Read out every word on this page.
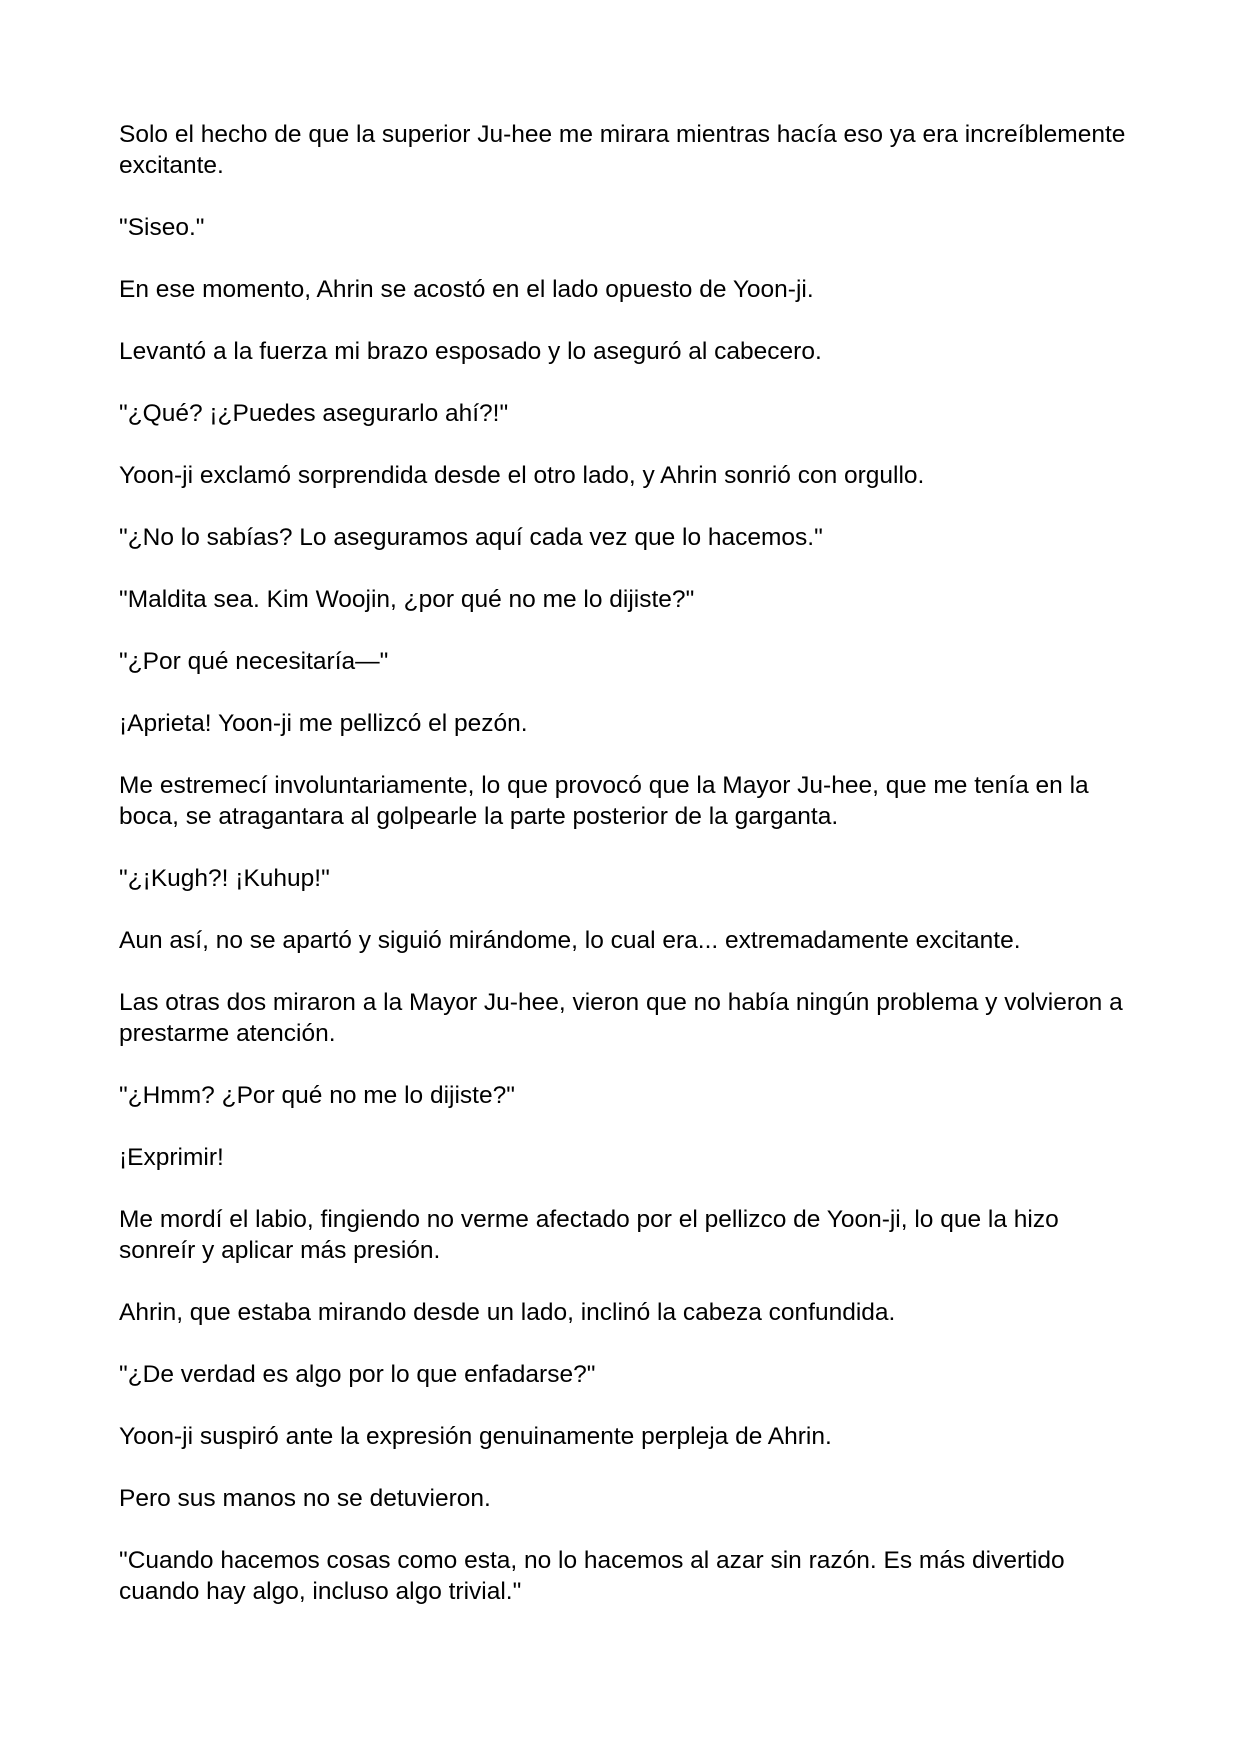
Solo el hecho de que la superior Ju-hee me mirara mientras hacía eso ya era increíblemente excitante.

"Siseo."

En ese momento, Ahrin se acostó en el lado opuesto de Yoon-ji.

Levantó a la fuerza mi brazo esposado y lo aseguró al cabecero.

"¿Qué? ¡¿Puedes asegurarlo ahí?!"

Yoon-ji exclamó sorprendida desde el otro lado, y Ahrin sonrió con orgullo.

"¿No lo sabías? Lo aseguramos aquí cada vez que lo hacemos."

"Maldita sea. Kim Woojin, ¿por qué no me lo dijiste?"

"¿Por qué necesitaría—"

¡Aprieta! Yoon-ji me pellizcó el pezón.

Me estremecí involuntariamente, lo que provocó que la Mayor Ju-hee, que me tenía en la boca, se atragantara al golpearle la parte posterior de la garganta.

"¿¡Kugh?! ¡Kuhup!"

Aun así, no se apartó y siguió mirándome, lo cual era... extremadamente excitante.

Las otras dos miraron a la Mayor Ju-hee, vieron que no había ningún problema y volvieron a prestarme atención.

"¿Hmm? ¿Por qué no me lo dijiste?"

¡Exprimir!

Me mordí el labio, fingiendo no verme afectado por el pellizco de Yoon-ji, lo que la hizo sonreír y aplicar más presión.

Ahrin, que estaba mirando desde un lado, inclinó la cabeza confundida.

"¿De verdad es algo por lo que enfadarse?"

Yoon-ji suspiró ante la expresión genuinamente perpleja de Ahrin.

Pero sus manos no se detuvieron.

"Cuando hacemos cosas como esta, no lo hacemos al azar sin razón. Es más divertido cuando hay algo, incluso algo trivial."
